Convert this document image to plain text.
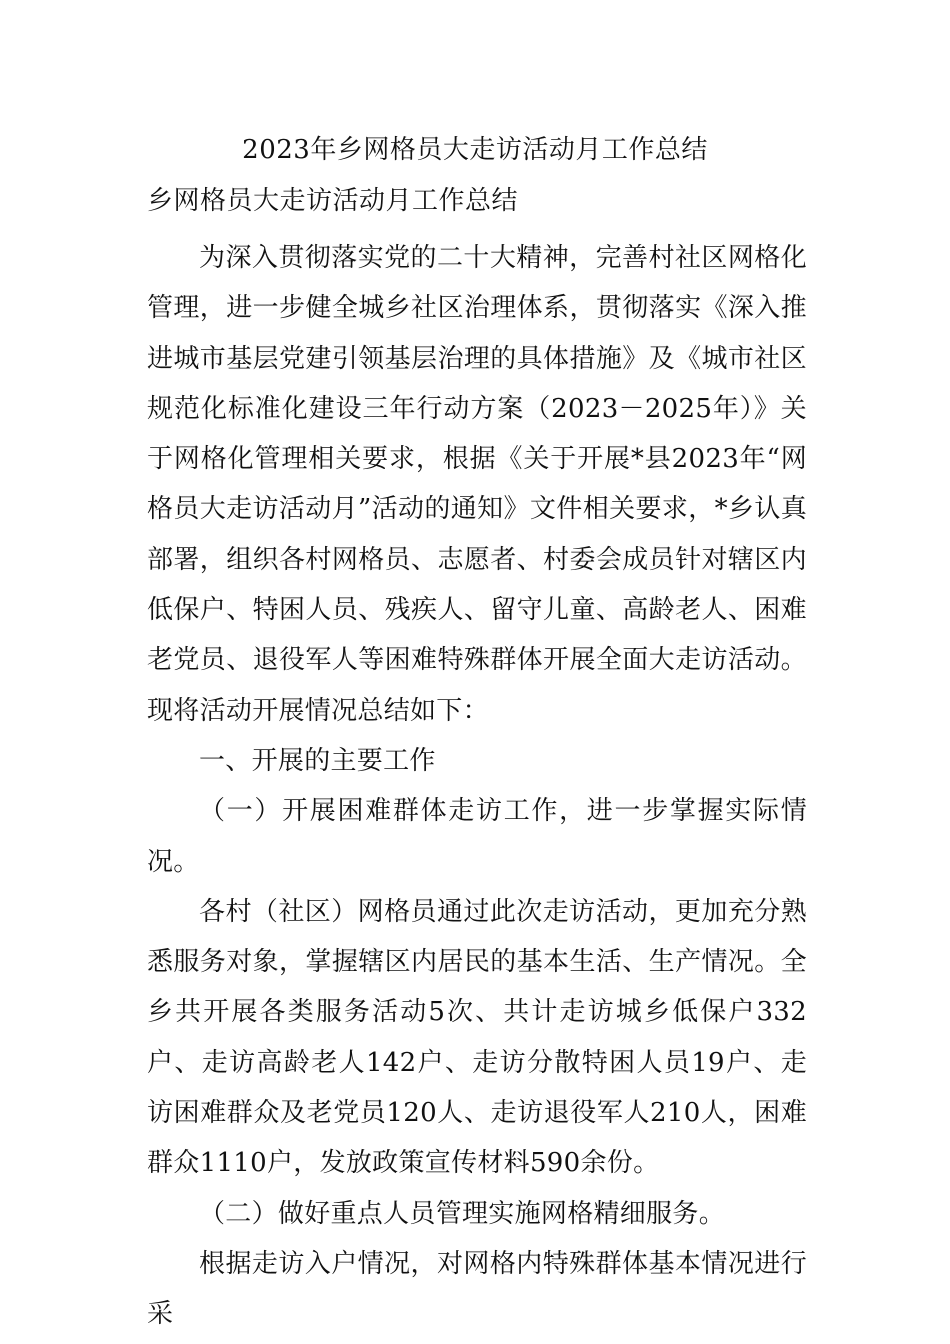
2023年乡网格员大走访活动月工作总结
乡网格员大走访活动月工作总结

为深入贯彻落实党的二十大精神，完善村社区网格化管理，进一步健全城乡社区治理体系，贯彻落实《深入推进城市基层党建引领基层治理的具体措施》及《城市社区规范化标准化建设三年行动方案（2023－2025年）》关于网格化管理相关要求，根据《关于开展*县2023年“网格员大走访活动月”活动的通知》文件相关要求，*乡认真部署，组织各村网格员、志愿者、村委会成员针对辖区内低保户、特困人员、残疾人、留守儿童、高龄老人、困难老党员、退役军人等困难特殊群体开展全面大走访活动。现将活动开展情况总结如下：

一、开展的主要工作

（一）开展困难群体走访工作，进一步掌握实际情况。

各村（社区）网格员通过此次走访活动，更加充分熟悉服务对象，掌握辖区内居民的基本生活、生产情况。全乡共开展各类服务活动5次、共计走访城乡低保户332户、走访高龄老人142户、走访分散特困人员19户、走访困难群众及老党员120人、走访退役军人210人，困难群众1110户，发放政策宣传材料590余份。

（二）做好重点人员管理实施网格精细服务。

根据走访入户情况，对网格内特殊群体基本情况进行采
